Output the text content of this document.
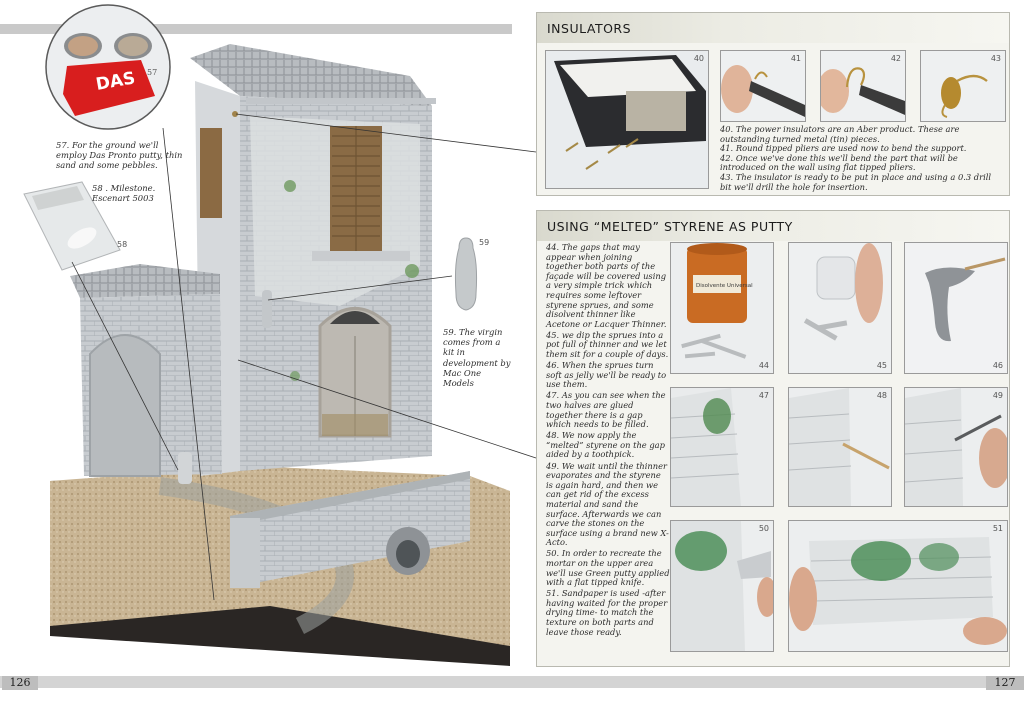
126	127
DAS 57
57. For the ground we'll employ Das Pronto putty, thin sand and some pebbles.
58
58 . Milestone.
Escenart 5003
59
59. The virgin comes from a kit in development by Mac One Models
INSULATORS
40	41	42	43
40. The power insulators are an Aber product. These are outstanding turned metal (tin) pieces.
41. Round tipped pliers are used now to bend the support.
42. Once we've done this we'll bend the part that will be introduced on the wall using flat tipped pliers.
43. The insulator is ready to be put in place and using a 0.3 drill bit we'll drill the hole for insertion.
USING “MELTED” STYRENE AS PUTTY

44. The gaps that may appear when joining together both parts of the façade will be covered using a very simple trick which requires some leftover styrene sprues, and some disolvent thinner like Acetone or Lacquer Thinner.

45. we dip the sprues into a pot full of thinner and we let them sit for a couple of days.

46. When the sprues turn soft as jelly we'll be ready to use them.

47. As you can see when the two halves are glued together there is a gap which needs to be filled.

48. We now apply the “melted” styrene on the gap aided by a toothpick.

49. We wait until the thinner evaporates and the styrene is again hard, and then we can get rid of the excess material and sand the surface. Afterwards we can carve the stones on the surface using a brand new X-Acto.

50. In order to recreate the mortar on the upper area we'll use Green putty applied with a flat tipped knife.

51. Sandpaper is used -after having waited for the proper drying time- to match the texture on both parts and leave those ready.

Disolvente Universal
44	45	46
47	48	49
50	51
